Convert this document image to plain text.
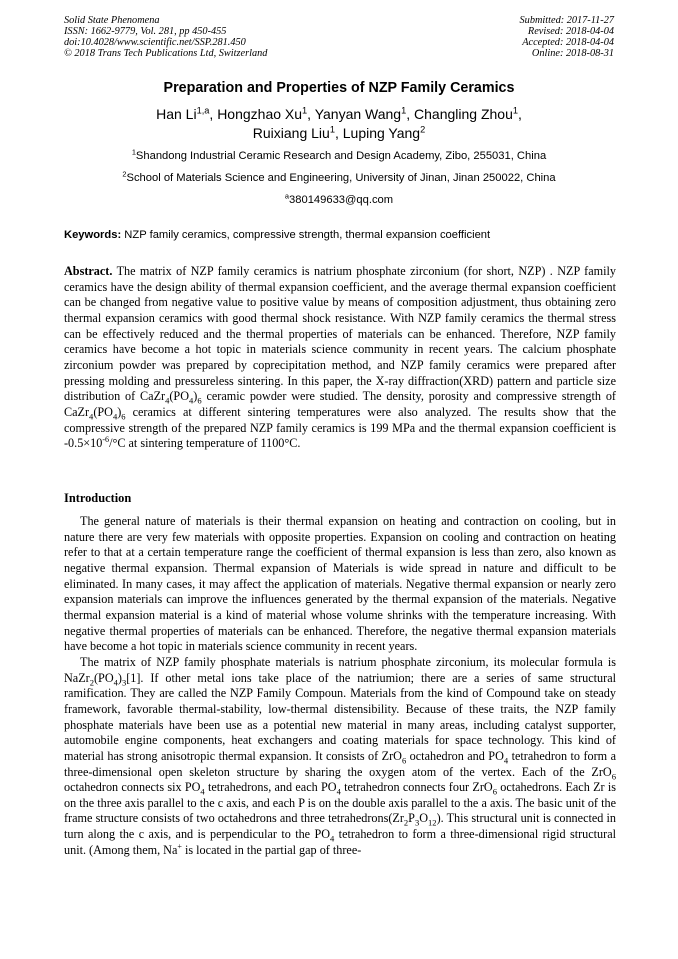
Solid State Phenomena
ISSN: 1662-9779, Vol. 281, pp 450-455
doi:10.4028/www.scientific.net/SSP.281.450
© 2018 Trans Tech Publications Ltd, Switzerland
Submitted: 2017-11-27
Revised: 2018-04-04
Accepted: 2018-04-04
Online: 2018-08-31
Preparation and Properties of NZP Family Ceramics
Han Li$^{1,a}$, Hongzhao Xu$^1$, Yanyan Wang$^1$, Changling Zhou$^1$,
Ruixiang Liu$^1$, Luping Yang$^2$
$^1$Shandong Industrial Ceramic Research and Design Academy, Zibo, 255031, China
$^2$School of Materials Science and Engineering, University of Jinan, Jinan 250022, China
$^a$380149633@qq.com
Keywords: NZP family ceramics, compressive strength, thermal expansion coefficient

Abstract. The matrix of NZP family ceramics is natrium phosphate zirconium (for short, NZP) . NZP family ceramics have the design ability of thermal expansion coefficient, and the average thermal expansion coefficient can be changed from negative value to positive value by means of composition adjustment, thus obtaining zero thermal expansion ceramics with good thermal shock resistance. With NZP family ceramics the thermal stress can be effectively reduced and the thermal properties of materials can be enhanced. Therefore, NZP family ceramics have become a hot topic in materials science community in recent years. The calcium phosphate zirconium powder was prepared by coprecipitation method, and NZP family ceramics were prepared after pressing molding and pressureless sintering. In this paper, the X-ray diffraction(XRD) pattern and particle size distribution of $CaZr_4(PO_4)_6$ ceramic powder were studied. The density, porosity and compressive strength of $CaZr_4(PO_4)_6$ ceramics at different sintering temperatures were also analyzed. The results show that the compressive strength of the prepared NZP family ceramics is 199 MPa and the thermal expansion coefficient is $-0.5\times 10^{-6}/^\circ C$ at sintering temperature of 1100°C.

Introduction

The general nature of materials is their thermal expansion on heating and contraction on cooling, but in nature there are very few materials with opposite properties. Expansion on cooling and contraction on heating refer to that at a certain temperature range the coefficient of thermal expansion is less than zero, also known as negative thermal expansion. Thermal expansion of Materials is wide spread in nature and difficult to be eliminated. In many cases, it may affect the application of materials. Negative thermal expansion or nearly zero expansion materials can improve the influences generated by the thermal expansion of the materials. Negative thermal expansion material is a kind of material whose volume shrinks with the temperature increasing. With negative thermal properties of materials can be enhanced. Therefore, the negative thermal expansion materials have become a hot topic in materials science community in recent years.

The matrix of NZP family phosphate materials is natrium phosphate zirconium, its molecular formula is $NaZr_2(PO_4)_3[1]$. If other metal ions take place of the natriumion; there are a series of same structural ramification. They are called the NZP Family Compoun. Materials from the kind of Compound take on steady framework, favorable thermal-stability, low-thermal distensibility. Because of these traits, the NZP family phosphate materials have been use as a potential new material in many areas, including catalyst supporter, automobile engine components, heat exchangers and coating materials for space technology. This kind of material has strong anisotropic thermal expansion. It consists of ZrO$_6$ octahedron and $PO_4$ tetrahedron to form a three-dimensional open skeleton structure by sharing the oxygen atom of the vertex. Each of the ZrO$_6$ octahedron connects six $PO_4$ tetrahedrons, and each $PO_4$ tetrahedron connects four ZrO$_6$ octahedrons. Each Zr is on the three axis parallel to the c axis, and each P is on the double axis parallel to the a axis. The basic unit of the frame structure consists of two octahedrons and three $tetrahedrons(Zr_2P_3O_{12})$. This structural unit is connected in turn along the c axis, and is perpendicular to the $PO_4$ tetrahedron to form a three-dimensional rigid structural unit. (Among them, Na+ is located in the partial gap of three-
